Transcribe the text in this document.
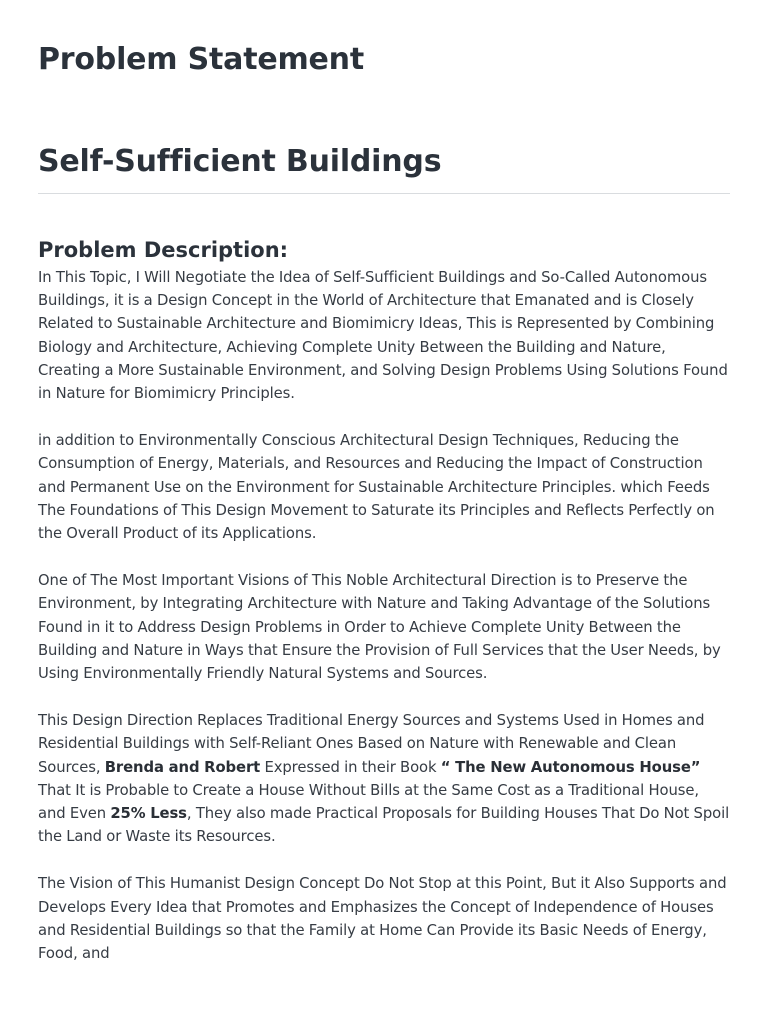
Problem Statement
Self-Sufficient Buildings
Problem Description:

In This Topic, I Will Negotiate the Idea of Self-Sufficient Buildings and So-Called Autonomous Buildings, it is a Design Concept in the World of Architecture that Emanated and is Closely Related to Sustainable Architecture and Biomimicry Ideas, This is Represented by Combining Biology and Architecture, Achieving Complete Unity Between the Building and Nature, Creating a More Sustainable Environment, and Solving Design Problems Using Solutions Found in Nature for Biomimicry Principles.

in addition to Environmentally Conscious Architectural Design Techniques, Reducing the Consumption of Energy, Materials, and Resources and Reducing the Impact of Construction and Permanent Use on the Environment for Sustainable Architecture Principles. which Feeds The Foundations of This Design Movement to Saturate its Principles and Reflects Perfectly on the Overall Product of its Applications.

One of The Most Important Visions of This Noble Architectural Direction is to Preserve the Environment, by Integrating Architecture with Nature and Taking Advantage of the Solutions Found in it to Address Design Problems in Order to Achieve Complete Unity Between the Building and Nature in Ways that Ensure the Provision of Full Services that the User Needs, by Using Environmentally Friendly Natural Systems and Sources.

This Design Direction Replaces Traditional Energy Sources and Systems Used in Homes and Residential Buildings with Self-Reliant Ones Based on Nature with Renewable and Clean Sources, Brenda and Robert Expressed in their Book “ The New Autonomous House” That It is Probable to Create a House Without Bills at the Same Cost as a Traditional House, and Even 25% Less, They also made Practical Proposals for Building Houses That Do Not Spoil the Land or Waste its Resources.

The Vision of This Humanist Design Concept Do Not Stop at this Point, But it Also Supports and Develops Every Idea that Promotes and Emphasizes the Concept of Independence of Houses and Residential Buildings so that the Family at Home Can Provide its Basic Needs of Energy, Food, and
